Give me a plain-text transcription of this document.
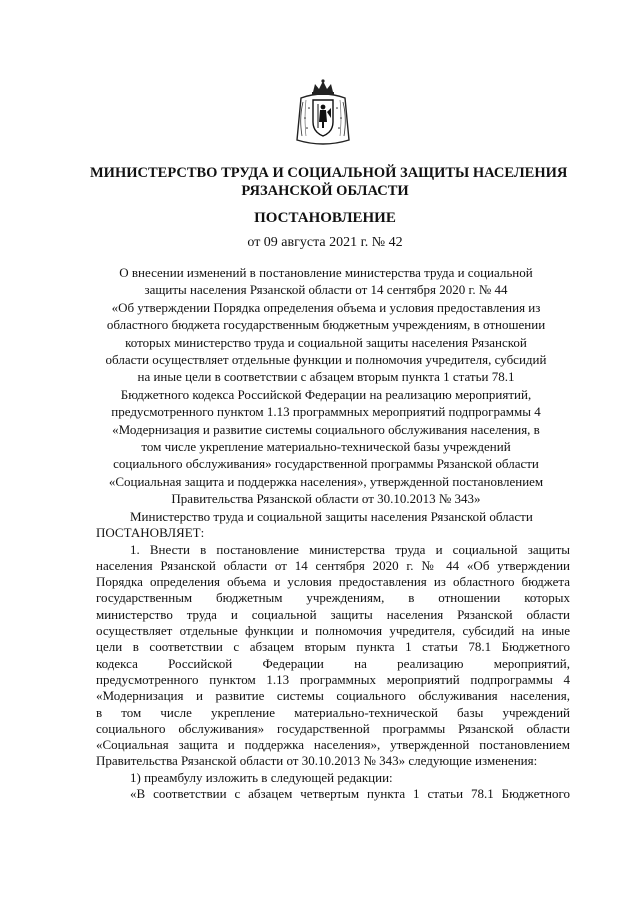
МИНИСТЕРСТВО ТРУДА И СОЦИАЛЬНОЙ ЗАЩИТЫ НАСЕЛЕНИЯ
РЯЗАНСКОЙ ОБЛАСТИ
ПОСТАНОВЛЕНИЕ
от 09 августа 2021 г. № 42
О внесении изменений в постановление министерства труда и социальной
защиты населения Рязанской области от 14 сентября 2020 г. № 44
«Об утверждении Порядка определения объема и условия предоставления из
областного бюджета государственным бюджетным учреждениям, в отношении
которых министерство труда и социальной защиты населения Рязанской
области осуществляет отдельные функции и полномочия учредителя, субсидий
на иные цели в соответствии с абзацем вторым пункта 1 статьи 78.1
Бюджетного кодекса Российской Федерации на реализацию мероприятий,
предусмотренного пунктом 1.13 программных мероприятий подпрограммы 4
«Модернизация и развитие системы социального обслуживания населения, в
том числе укрепление материально-технической базы учреждений
социального обслуживания» государственной программы Рязанской области
«Социальная защита и поддержка населения», утвержденной постановлением
Правительства Рязанской области от 30.10.2013 № 343»
Министерство труда и социальной защиты населения Рязанской области
ПОСТАНОВЛЯЕТ:
1. Внести в постановление министерства труда и социальной защиты
населения Рязанской области от 14 сентября 2020 г. № 44 «Об утверждении
Порядка определения объема и условия предоставления из областного бюджета
государственным бюджетным учреждениям, в отношении которых
министерство труда и социальной защиты населения Рязанской области
осуществляет отдельные функции и полномочия учредителя, субсидий на иные
цели в соответствии с абзацем вторым пункта 1 статьи 78.1 Бюджетного
кодекса Российской Федерации на реализацию мероприятий,
предусмотренного пунктом 1.13 программных мероприятий подпрограммы 4
«Модернизация и развитие системы социального обслуживания населения,
в том числе укрепление материально-технической базы учреждений
социального обслуживания» государственной программы Рязанской области
«Социальная защита и поддержка населения», утвержденной постановлением
Правительства Рязанской области от 30.10.2013 № 343» следующие изменения:
1) преамбулу изложить в следующей редакции:
«В соответствии с абзацем четвертым пункта 1 статьи 78.1 Бюджетного
